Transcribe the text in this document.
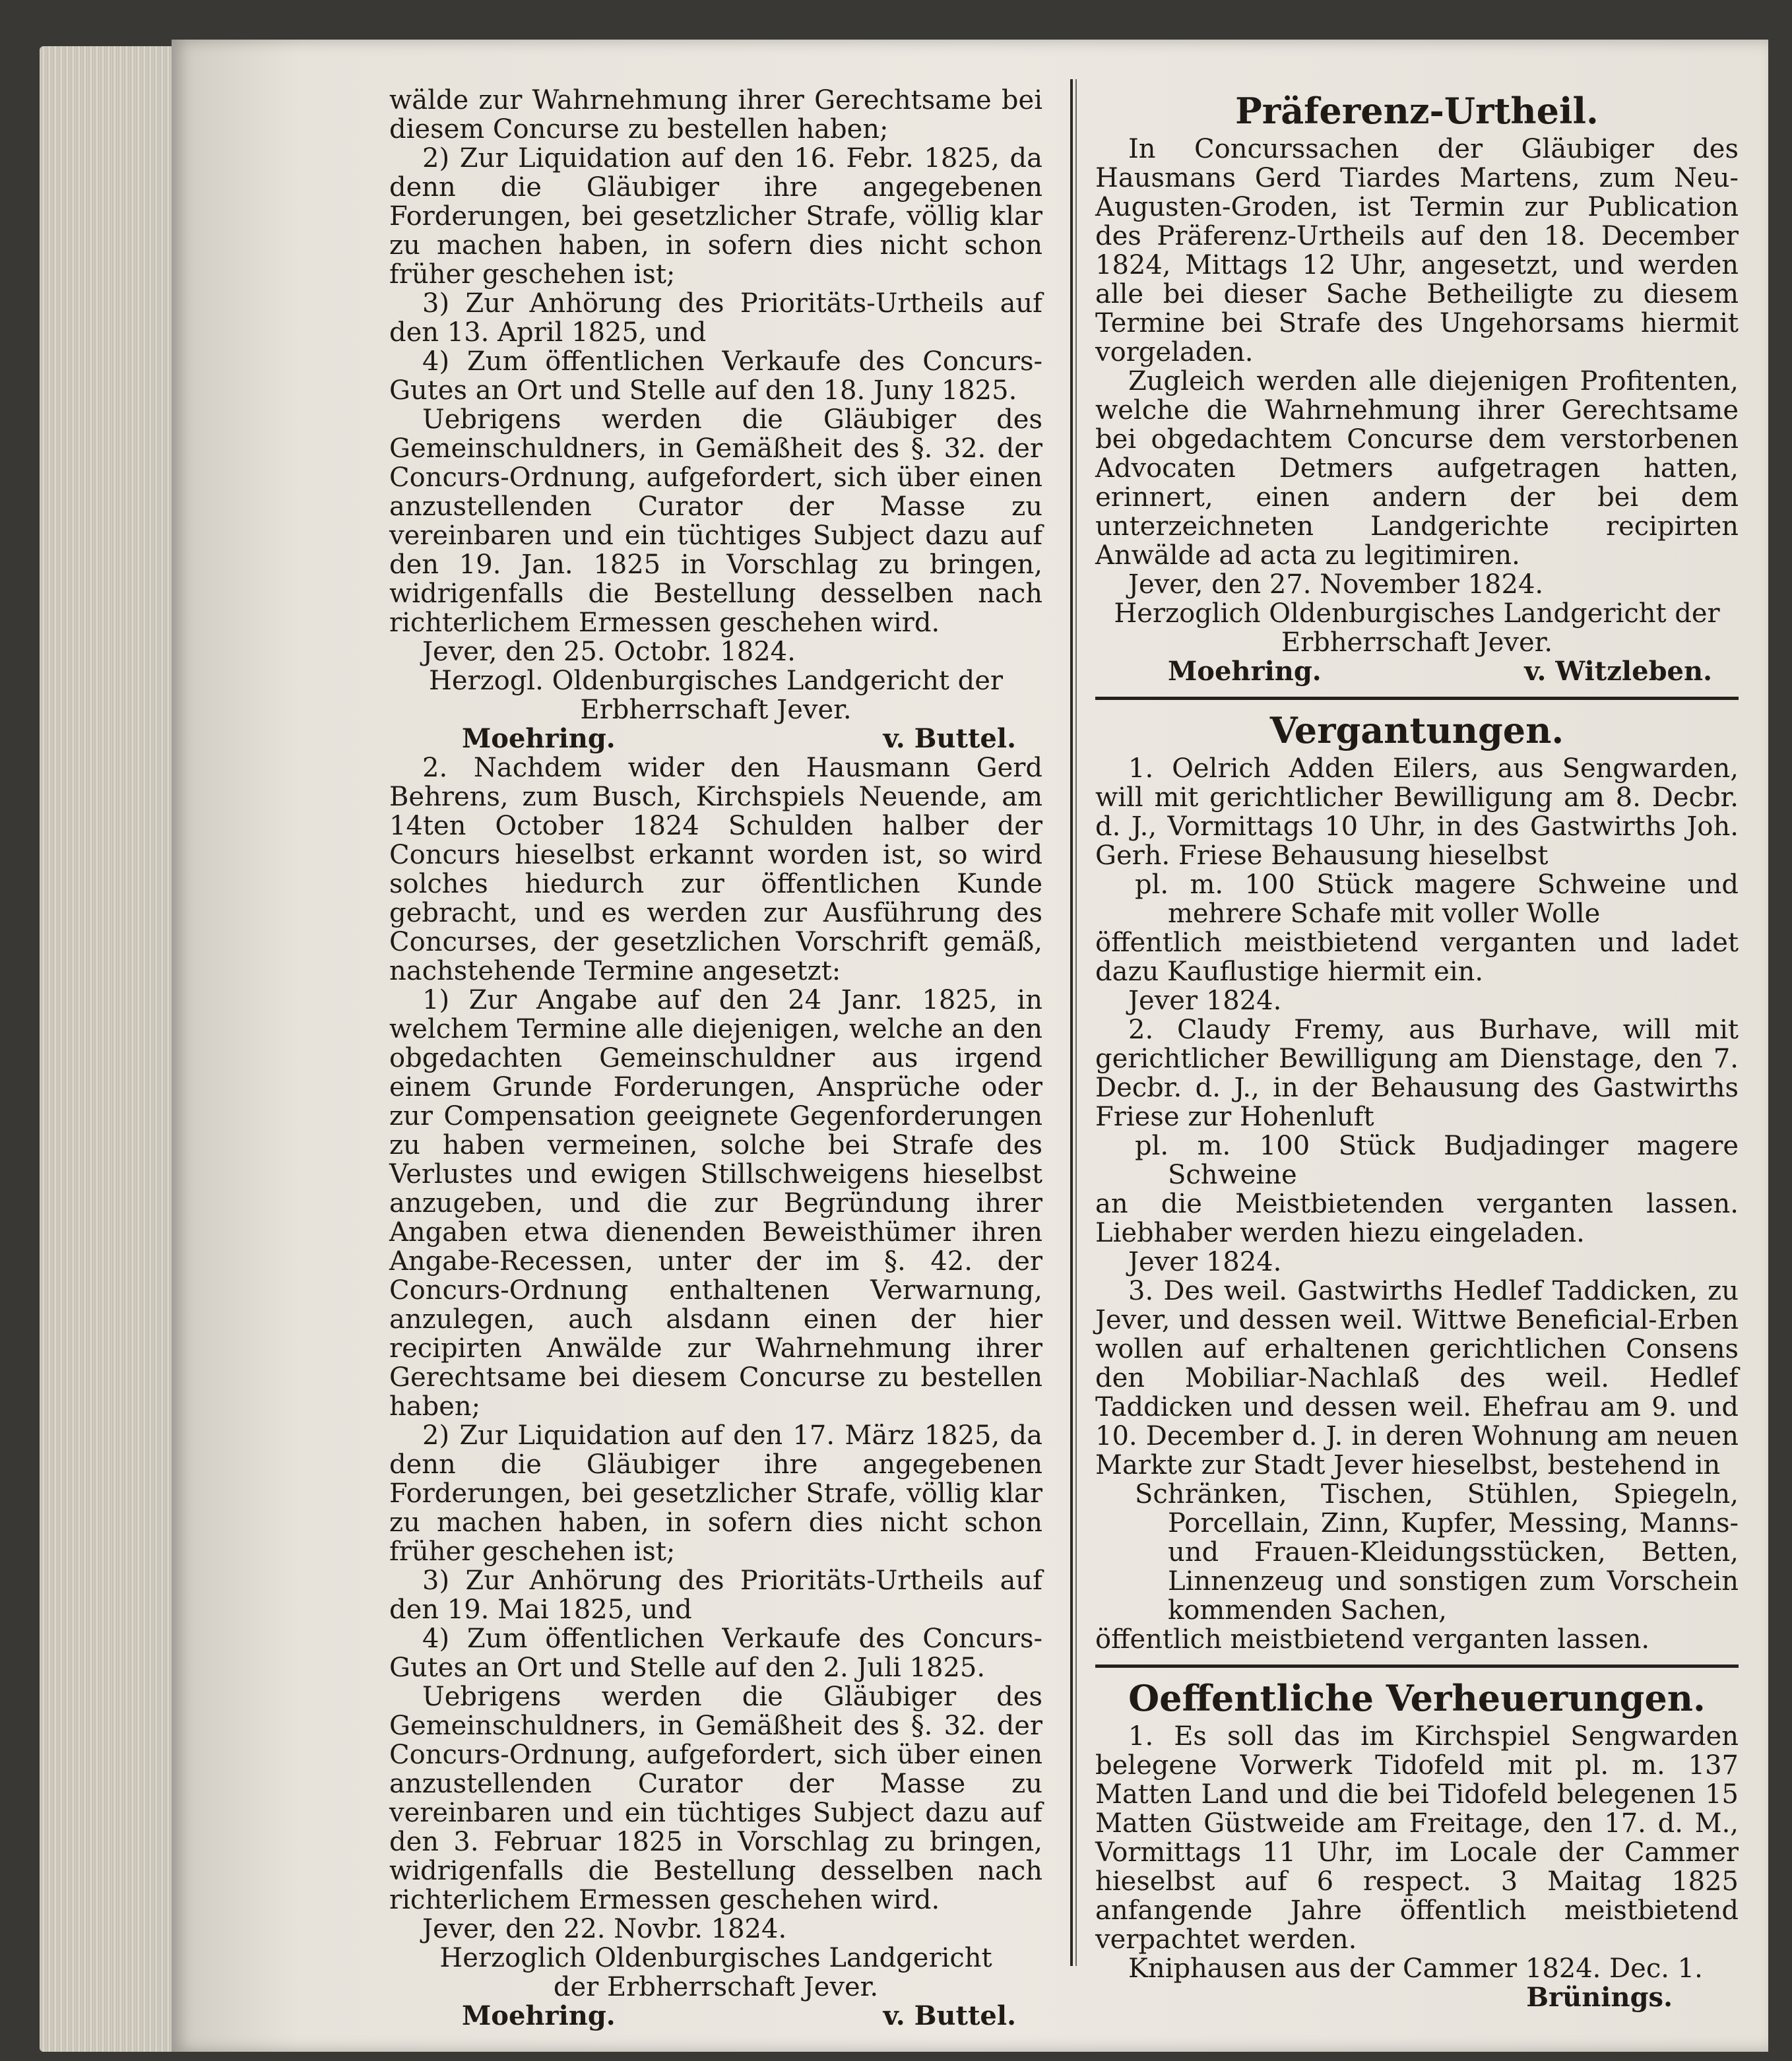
wälde zur Wahrnehmung ihrer Gerechtsame bei diesem Concurse zu bestellen haben;

2) Zur Liquidation auf den 16. Febr. 1825, da denn die Gläubiger ihre angegebenen Forderungen, bei gesetzlicher Strafe, völlig klar zu machen haben, in sofern dies nicht schon früher geschehen ist;

3) Zur Anhörung des Prioritäts-Urtheils auf den 13. April 1825, und

4) Zum öffentlichen Verkaufe des Concurs-Gutes an Ort und Stelle auf den 18. Juny 1825.

Uebrigens werden die Gläubiger des Gemeinschuldners, in Gemäßheit des §. 32. der Concurs-Ordnung, aufgefordert, sich über einen anzustellenden Curator der Masse zu vereinbaren und ein tüchtiges Subject dazu auf den 19. Jan. 1825 in Vorschlag zu bringen, widrigenfalls die Bestellung desselben nach richterlichem Ermessen geschehen wird.

Jever, den 25. Octobr. 1824.

Herzogl. Oldenburgisches Landgericht der

Erbherrschaft Jever.

Moehring.	v. Buttel.

2. Nachdem wider den Hausmann Gerd Behrens, zum Busch, Kirchspiels Neuende, am 14ten October 1824 Schulden halber der Concurs hieselbst erkannt worden ist, so wird solches hiedurch zur öffentlichen Kunde gebracht, und es werden zur Ausführung des Concurses, der gesetzlichen Vorschrift gemäß, nachstehende Termine angesetzt:

1) Zur Angabe auf den 24 Janr. 1825, in welchem Termine alle diejenigen, welche an den obgedachten Gemeinschuldner aus irgend einem Grunde Forderungen, Ansprüche oder zur Compensation geeignete Gegenforderungen zu haben vermeinen, solche bei Strafe des Verlustes und ewigen Stillschweigens hieselbst anzugeben, und die zur Begründung ihrer Angaben etwa dienenden Beweisthümer ihren Angabe-Recessen, unter der im §. 42. der Concurs-Ordnung enthaltenen Verwarnung, anzulegen, auch alsdann einen der hier recipirten Anwälde zur Wahrnehmung ihrer Gerechtsame bei diesem Concurse zu bestellen haben;

2) Zur Liquidation auf den 17. März 1825, da denn die Gläubiger ihre angegebenen Forderungen, bei gesetzlicher Strafe, völlig klar zu machen haben, in sofern dies nicht schon früher geschehen ist;

3) Zur Anhörung des Prioritäts-Urtheils auf den 19. Mai 1825, und

4) Zum öffentlichen Verkaufe des Concurs-Gutes an Ort und Stelle auf den 2. Juli 1825.

Uebrigens werden die Gläubiger des Gemeinschuldners, in Gemäßheit des §. 32. der Concurs-Ordnung, aufgefordert, sich über einen anzustellenden Curator der Masse zu vereinbaren und ein tüchtiges Subject dazu auf den 3. Februar 1825 in Vorschlag zu bringen, widrigenfalls die Bestellung desselben nach richterlichem Ermessen geschehen wird.

Jever, den 22. Novbr. 1824.

Herzoglich Oldenburgisches Landgericht

der Erbherrschaft Jever.

Moehring.	v. Buttel.
Präferenz-Urtheil.

In Concurssachen der Gläubiger des Hausmans Gerd Tiardes Martens, zum Neu-Augusten-Groden, ist Termin zur Publication des Präferenz-Urtheils auf den 18. December 1824, Mittags 12 Uhr, angesetzt, und werden alle bei dieser Sache Betheiligte zu diesem Termine bei Strafe des Ungehorsams hiermit vorgeladen.

Zugleich werden alle diejenigen Profitenten, welche die Wahrnehmung ihrer Gerechtsame bei obgedachtem Concurse dem verstorbenen Advocaten Detmers aufgetragen hatten, erinnert, einen andern der bei dem unterzeichneten Landgerichte recipirten Anwälde ad acta zu legitimiren.

Jever, den 27. November 1824.

Herzoglich Oldenburgisches Landgericht der

Erbherrschaft Jever.

Moehring.	v. Witzleben.
Vergantungen.

1. Oelrich Adden Eilers, aus Sengwarden, will mit gerichtlicher Bewilligung am 8. Decbr. d. J., Vormittags 10 Uhr, in des Gastwirths Joh. Gerh. Friese Behausung hieselbst

pl. m. 100 Stück magere Schweine und mehrere Schafe mit voller Wolle

öffentlich meistbietend verganten und ladet dazu Kauflustige hiermit ein.

Jever 1824.

2. Claudy Fremy, aus Burhave, will mit gerichtlicher Bewilligung am Dienstage, den 7. Decbr. d. J., in der Behausung des Gastwirths Friese zur Hohenluft

pl. m. 100 Stück Budjadinger magere Schweine

an die Meistbietenden verganten lassen. Liebhaber werden hiezu eingeladen.

Jever 1824.

3. Des weil. Gastwirths Hedlef Taddicken, zu Jever, und dessen weil. Wittwe Beneficial-Erben wollen auf erhaltenen gerichtlichen Consens den Mobiliar-Nachlaß des weil. Hedlef Taddicken und dessen weil. Ehefrau am 9. und 10. December d. J. in deren Wohnung am neuen Markte zur Stadt Jever hieselbst, bestehend in

Schränken, Tischen, Stühlen, Spiegeln, Porcellain, Zinn, Kupfer, Messing, Manns- und Frauen-Kleidungsstücken, Betten, Linnenzeug und sonstigen zum Vorschein kommenden Sachen,

öffentlich meistbietend verganten lassen.

Oeffentliche Verheuerungen.

1. Es soll das im Kirchspiel Sengwarden belegene Vorwerk Tidofeld mit pl. m. 137 Matten Land und die bei Tidofeld belegenen 15 Matten Güstweide am Freitage, den 17. d. M., Vormittags 11 Uhr, im Locale der Cammer hieselbst auf 6 respect. 3 Maitag 1825 anfangende Jahre öffentlich meistbietend verpachtet werden.

Kniphausen aus der Cammer 1824. Dec. 1.

Brünings.
